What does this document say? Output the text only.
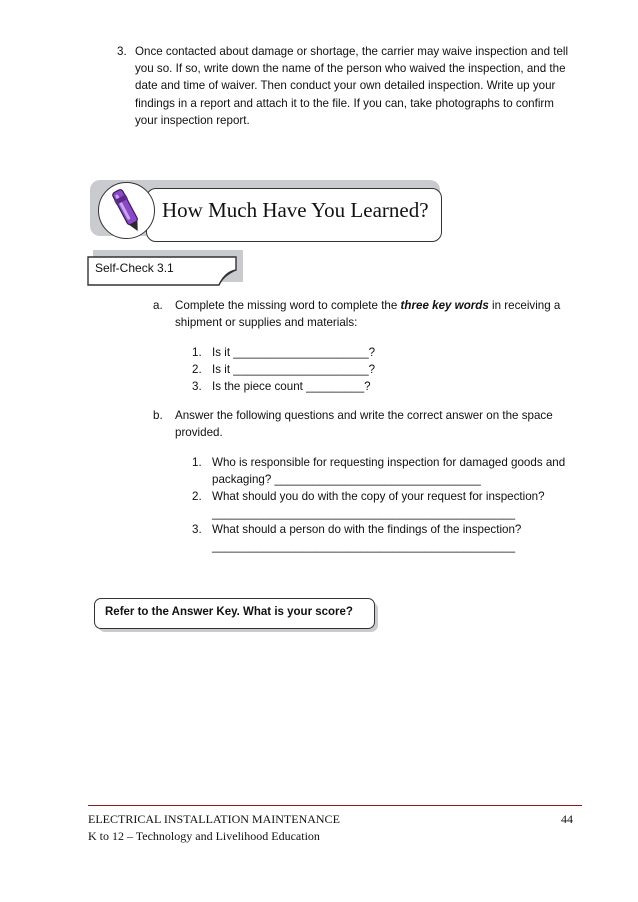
3. Once contacted about damage or shortage, the carrier may waive inspection and tell
you so. If so, write down the name of the person who waived the inspection, and the
date and time of waiver. Then conduct your own detailed inspection. Write up your
findings in a report and attach it to the file. If you can, take photographs to confirm
your inspection report.
How Much Have You Learned?
Self-Check 3.1
a. Complete the missing word to complete the three key words in receiving a
shipment or supplies and materials:
1. Is it _____________________?
2. Is it _____________________?
3. Is the piece count _________?
b. Answer the following questions and write the correct answer on the space
provided.
1. Who is responsible for requesting inspection for damaged goods and
packaging? ________________________________
2. What should you do with the copy of your request for inspection?
_______________________________________________
3. What should a person do with the findings of the inspection?
_______________________________________________
Refer to the Answer Key. What is your score?
ELECTRICAL INSTALLATION MAINTENANCE
K to 12 – Technology and Livelihood Education
44
